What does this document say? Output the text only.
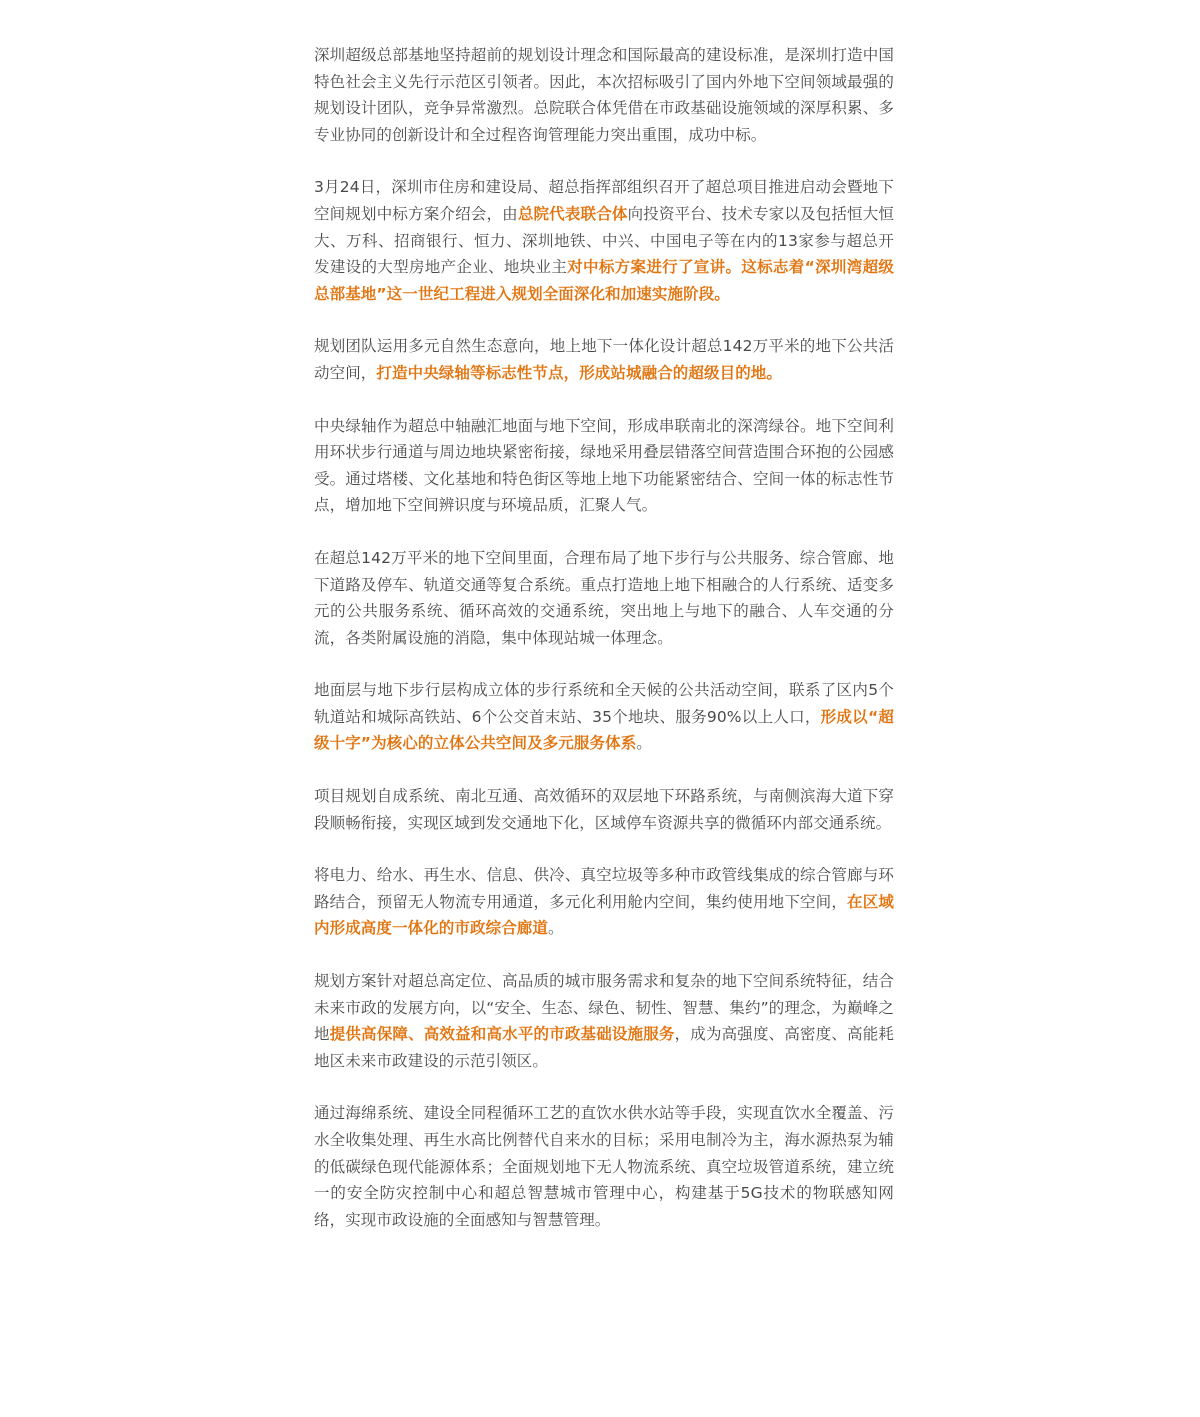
深圳超级总部基地坚持超前的规划设计理念和国际最高的建设标准，是深圳打造中国特色社会主义先行示范区引领者。因此，本次招标吸引了国内外地下空间领域最强的规划设计团队，竞争异常激烈。总院联合体凭借在市政基础设施领域的深厚积累、多专业协同的创新设计和全过程咨询管理能力突出重围，成功中标。

3月24日，深圳市住房和建设局、超总指挥部组织召开了超总项目推进启动会暨地下空间规划中标方案介绍会，由总院代表联合体向投资平台、技术专家以及包括恒大恒大、万科、招商银行、恒力、深圳地铁、中兴、中国电子等在内的13家参与超总开发建设的大型房地产企业、地块业主对中标方案进行了宣讲。这标志着“深圳湾超级总部基地”这一世纪工程进入规划全面深化和加速实施阶段。

规划团队运用多元自然生态意向，地上地下一体化设计超总142万平米的地下公共活动空间，打造中央绿轴等标志性节点，形成站城融合的超级目的地。

中央绿轴作为超总中轴融汇地面与地下空间，形成串联南北的深湾绿谷。地下空间利用环状步行通道与周边地块紧密衔接，绿地采用叠层错落空间营造围合环抱的公园感受。通过塔楼、文化基地和特色街区等地上地下功能紧密结合、空间一体的标志性节点，增加地下空间辨识度与环境品质，汇聚人气。

在超总142万平米的地下空间里面，合理布局了地下步行与公共服务、综合管廊、地下道路及停车、轨道交通等复合系统。重点打造地上地下相融合的人行系统、适变多元的公共服务系统、循环高效的交通系统，突出地上与地下的融合、人车交通的分流，各类附属设施的消隐，集中体现站城一体理念。

地面层与地下步行层构成立体的步行系统和全天候的公共活动空间，联系了区内5个轨道站和城际高铁站、6个公交首末站、35个地块、服务90%以上人口，形成以“超级十字”为核心的立体公共空间及多元服务体系。

项目规划自成系统、南北互通、高效循环的双层地下环路系统，与南侧滨海大道下穿段顺畅衔接，实现区域到发交通地下化，区域停车资源共享的微循环内部交通系统。

将电力、给水、再生水、信息、供冷、真空垃圾等多种市政管线集成的综合管廊与环路结合，预留无人物流专用通道，多元化利用舱内空间，集约使用地下空间，在区域内形成高度一体化的市政综合廊道。

规划方案针对超总高定位、高品质的城市服务需求和复杂的地下空间系统特征，结合未来市政的发展方向，以“安全、生态、绿色、韧性、智慧、集约”的理念，为巅峰之地提供高保障、高效益和高水平的市政基础设施服务，成为高强度、高密度、高能耗地区未来市政建设的示范引领区。

通过海绵系统、建设全同程循环工艺的直饮水供水站等手段，实现直饮水全覆盖、污水全收集处理、再生水高比例替代自来水的目标；采用电制冷为主，海水源热泵为辅的低碳绿色现代能源体系；全面规划地下无人物流系统、真空垃圾管道系统，建立统一的安全防灾控制中心和超总智慧城市管理中心，构建基于5G技术的物联感知网络，实现市政设施的全面感知与智慧管理。
